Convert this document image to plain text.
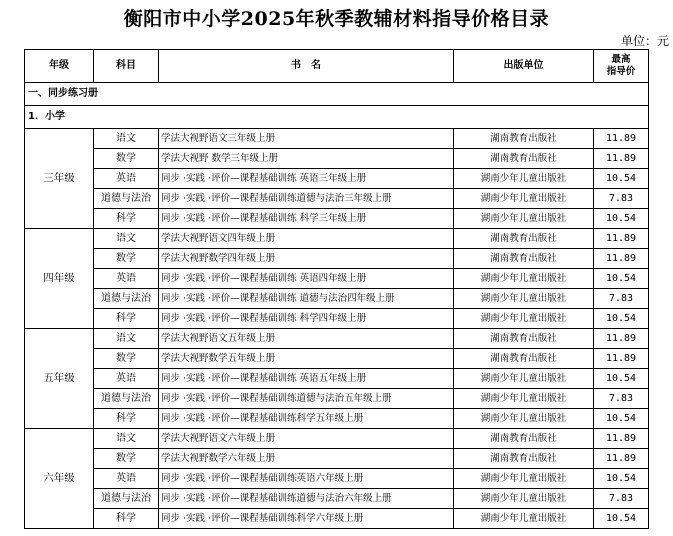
衡阳市中小学2025年秋季教辅材料指导价格目录
单位：元
年级	科目	书　名	出版单位	最高
指导价
一、同步练习册				
1．小学				
三年级	语文	学法大视野语文三年级上册	湖南教育出版社	11.89
	数学	学法大视野 数学三年级上册	湖南教育出版社	11.89
	英语	同步 ·实践 ·评价—课程基础训练 英语三年级上册	湖南少年儿童出版社	10.54
	道德与法治	同步 ·实践 ·评价—课程基础训练道德与法治三年级上册	湖南少年儿童出版社	7.83
	科学	同步 ·实践 ·评价—课程基础训练 科学三年级上册	湖南少年儿童出版社	10.54
四年级	语文	学法大视野语文四年级上册	湖南教育出版社	11.89
	数学	学法大视野数学四年级上册	湖南教育出版社	11.89
	英语	同步 ·实践 ·评价—课程基础训练 英语四年级上册	湖南少年儿童出版社	10.54
	道德与法治	同步 ·实践 ·评价—课程基础训练 道德与法治四年级上册	湖南少年儿童出版社	7.83
	科学	同步 ·实践 ·评价—课程基础训练 科学四年级上册	湖南少年儿童出版社	10.54
五年级	语文	学法大视野语文五年级上册	湖南教育出版社	11.89
	数学	学法大视野数学五年级上册	湖南教育出版社	11.89
	英语	同步 ·实践 ·评价—课程基础训练 英语五年级上册	湖南少年儿童出版社	10.54
	道德与法治	同步 ·实践 ·评价—课程基础训练道德与法治五年级上册	湖南少年儿童出版社	7.83
	科学	同步 ·实践 ·评价—课程基础训练科学五年级上册	湖南少年儿童出版社	10.54
六年级	语文	学法大视野语文六年级上册	湖南教育出版社	11.89
	数学	学法大视野数学六年级上册	湖南教育出版社	11.89
	英语	同步 ·实践 ·评价—课程基础训练英语六年级上册	湖南少年儿童出版社	10.54
	道德与法治	同步 ·实践 ·评价—课程基础训练道德与法治六年级上册	湖南少年儿童出版社	7.83
	科学	同步 ·实践 ·评价—课程基础训练科学六年级上册	湖南少年儿童出版社	10.54
